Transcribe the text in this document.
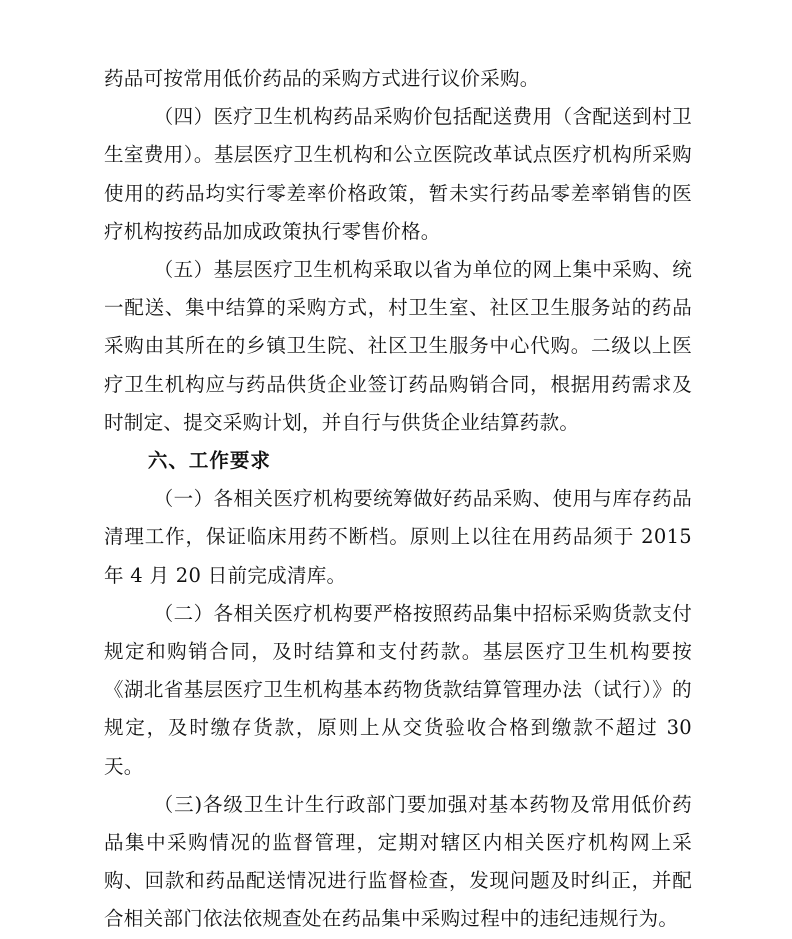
药品可按常用低价药品的采购方式进行议价采购。

（四）医疗卫生机构药品采购价包括配送费用（含配送到村卫生室费用）。基层医疗卫生机构和公立医院改革试点医疗机构所采购使用的药品均实行零差率价格政策，暂未实行药品零差率销售的医疗机构按药品加成政策执行零售价格。

（五）基层医疗卫生机构采取以省为单位的网上集中采购、统一配送、集中结算的采购方式，村卫生室、社区卫生服务站的药品采购由其所在的乡镇卫生院、社区卫生服务中心代购。二级以上医疗卫生机构应与药品供货企业签订药品购销合同，根据用药需求及时制定、提交采购计划，并自行与供货企业结算药款。

六、工作要求

（一）各相关医疗机构要统筹做好药品采购、使用与库存药品清理工作，保证临床用药不断档。原则上以往在用药品须于 2015 年 4 月 20 日前完成清库。

（二）各相关医疗机构要严格按照药品集中招标采购货款支付规定和购销合同，及时结算和支付药款。基层医疗卫生机构要按《湖北省基层医疗卫生机构基本药物货款结算管理办法（试行）》的规定，及时缴存货款，原则上从交货验收合格到缴款不超过 30 天。

（三)各级卫生计生行政部门要加强对基本药物及常用低价药品集中采购情况的监督管理，定期对辖区内相关医疗机构网上采购、回款和药品配送情况进行监督检查，发现问题及时纠正，并配合相关部门依法依规查处在药品集中采购过程中的违纪违规行为。
